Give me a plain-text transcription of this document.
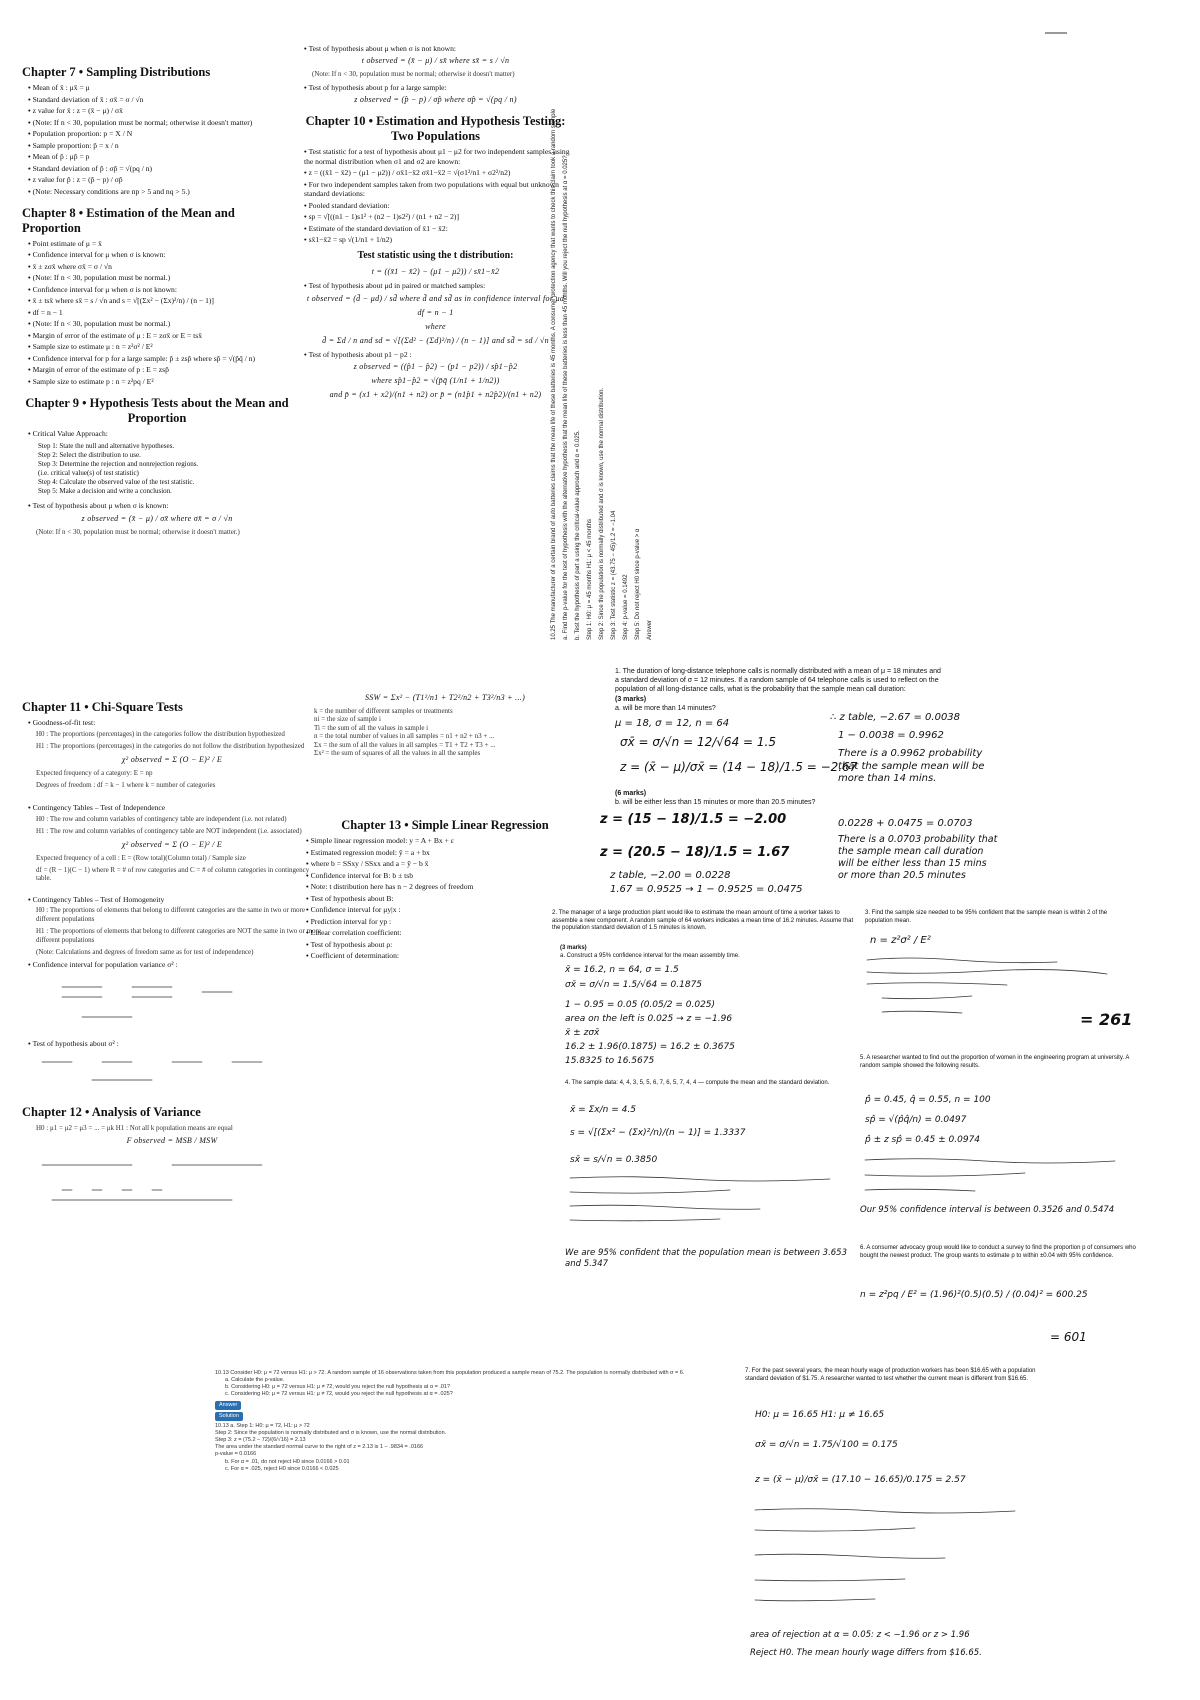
Chapter 7 • Sampling Distributions
• Mean of x̄ : μx̄ = μ
• Standard deviation of x̄ : σx̄ = σ / √n
• z value for x̄ : z = (x̄ − μ) / σx̄
• (Note: If n < 30, population must be normal; otherwise it doesn't matter)
• Population proportion: p = X / N
• Sample proportion: p̂ = x / n
• Mean of p̂ : μp̂ = p
• Standard deviation of p̂ : σp̂ = √(pq / n)
• z value for p̂ : z = (p̂ − p) / σp̂
• (Note: Necessary conditions are np > 5 and nq > 5.)
Chapter 8 • Estimation of the Mean and Proportion
• Point estimate of μ = x̄
• Confidence interval for μ when σ is known:
• x̄ ± zσx̄ where σx̄ = σ / √n
• (Note: If n < 30, population must be normal.)
• Confidence interval for μ when σ is not known:
• x̄ ± tsx̄ where sx̄ = s / √n and s = √[(Σx² − (Σx)²/n) / (n − 1)]
• df = n − 1
• (Note: If n < 30, population must be normal.)
• Margin of error of the estimate of μ : E = zσx̄ or E = tsx̄
• Sample size to estimate μ : n = z²σ² / E²
• Confidence interval for p for a large sample: p̂ ± zsp̂ where sp̂ = √(p̂q̂ / n)
• Margin of error of the estimate of p : E = zsp̂
• Sample size to estimate p : n = z²pq / E²
Chapter 9 • Hypothesis Tests about the Mean and Proportion
• Critical Value Approach:
Step 1: State the null and alternative hypotheses.
Step 2: Select the distribution to use.
Step 3: Determine the rejection and nonrejection regions.
(i.e. critical value(s) of test statistic)
Step 4: Calculate the observed value of the test statistic.
Step 5: Make a decision and write a conclusion.
• Test of hypothesis about μ when σ is known:
z observed = (x̄ − μ) / σx̄ where σx̄ = σ / √n
(Note: If n < 30, population must be normal; otherwise it doesn't matter.)
• Test of hypothesis about μ when σ is not known:
t observed = (x̄ − μ) / sx̄ where sx̄ = s / √n
(Note: If n < 30, population must be normal; otherwise it doesn't matter)
• Test of hypothesis about p for a large sample:
z observed = (p̂ − p) / σp̂ where σp̂ = √(pq / n)
Chapter 10 • Estimation and Hypothesis Testing: Two Populations
• Test statistic for a test of hypothesis about μ1 − μ2 for two independent samples using the normal distribution when σ1 and σ2 are known:
• z = ((x̄1 − x̄2) − (μ1 − μ2)) / σx̄1−x̄2 σx̄1−x̄2 = √(σ1²/n1 + σ2²/n2)
• For two independent samples taken from two populations with equal but unknown standard deviations:
• Pooled standard deviation:
• sp = √[((n1 − 1)s1² + (n2 − 1)s2²) / (n1 + n2 − 2)]
• Estimate of the standard deviation of x̄1 − x̄2:
• sx̄1−x̄2 = sp √(1/n1 + 1/n2)
Test statistic using the t distribution:
t = ((x̄1 − x̄2) − (μ1 − μ2)) / sx̄1−x̄2
• Test of hypothesis about μd in paired or matched samples:
t observed = (d̄ − μd) / sd̄ where d̄ and sd̄ as in confidence interval for μd
df = n − 1
where
d̄ = Σd / n and sd = √[(Σd² − (Σd)²/n) / (n − 1)] and sd̄ = sd / √n
• Test of hypothesis about p1 − p2 :
z observed = ((p̂1 − p̂2) − (p1 − p2)) / sp̂1−p̂2
where sp̂1−p̂2 = √(p̄q̄ (1/n1 + 1/n2))
and p̄ = (x1 + x2)/(n1 + n2) or p̄ = (n1p̂1 + n2p̂2)/(n1 + n2)	10.25 The manufacturer of a certain brand of auto batteries claims that the mean life of these batteries is 45 months. A consumer protection agency that wants to check this claim took a random sample	a. Find the p-value for the test of hypothesis with the alternative hypothesis that the mean life of these batteries is less than 45 months. Will you reject the null hypothesis at α = 0.025?	b. Test the hypothesis of part a using the critical-value approach and α = 0.025.	Step 1: H0: μ = 45 months H1: μ < 45 months	Step 2: Since the population is normally distributed and σ is known, use the normal distribution.	Step 3: Test statistic z = (43.75 − 45)/1.2 = −1.04	Step 4: p-value = 0.1492	Step 5: Do not reject H0 since p-value > α	Answer

Chapter 11 • Chi-Square Tests
• Goodness-of-fit test:
H0 : The proportions (percentages) in the categories follow the distribution hypothesized
H1 : The proportions (percentages) in the categories do not follow the distribution hypothesized
χ² observed = Σ (O − E)² / E
Expected frequency of a category: E = np
Degrees of freedom : df = k − 1 where k = number of categories
• Contingency Tables – Test of Independence
H0 : The row and column variables of contingency table are independent (i.e. not related)
H1 : The row and column variables of contingency table are NOT independent (i.e. associated)
χ² observed = Σ (O − E)² / E
Expected frequency of a cell : E = (Row total)(Column total) / Sample size
df = (R − 1)(C − 1) where R = # of row categories and C = # of column categories in contingency table.
• Contingency Tables – Test of Homogeneity
H0 : The proportions of elements that belong to different categories are the same in two or more different populations
H1 : The proportions of elements that belong to different categories are NOT the same in two or more different populations
(Note: Calculations and degrees of freedom same as for test of independence)
• Confidence interval for population variance σ² :
• Test of hypothesis about σ² :
Chapter 12 • Analysis of Variance
H0 : μ1 = μ2 = μ3 = ... = μk H1 : Not all k population means are equal
F observed = MSB / MSW
SSW = Σx² − (T1²/n1 + T2²/n2 + T3²/n3 + ...)
k = the number of different samples or treatments
ni = the size of sample i
Ti = the sum of all the values in sample i
n = the total number of values in all samples = n1 + n2 + n3 + ...
Σx = the sum of all the values in all samples = T1 + T2 + T3 + ...
Σx² = the sum of squares of all the values in all the samples
Chapter 13 • Simple Linear Regression
• Simple linear regression model: y = A + Bx + ε
• Estimated regression model: ŷ = a + bx
• where b = SSxy / SSxx and a = ȳ − b x̄
• Confidence interval for B: b ± tsb
• Note: t distribution here has n − 2 degrees of freedom
• Test of hypothesis about B:
• Confidence interval for μy|x :
• Prediction interval for yp :
• Linear correlation coefficient:
• Test of hypothesis about ρ:
• Coefficient of determination:
1. The duration of long-distance telephone calls is normally distributed with a mean of μ = 18 minutes and a standard deviation of σ = 12 minutes. If a random sample of 64 telephone calls is used to reflect on the population of all long-distance calls, what is the probability that the sample mean call duration:
(3 marks)
a. will be more than 14 minutes?
μ = 18, σ = 12, n = 64
σx̄ = σ/√n = 12/√64 = 1.5
z = (x̄ − μ)/σx̄ = (14 − 18)/1.5 = −2.67
∴ z table, −2.67 = 0.0038
1 − 0.0038 = 0.9962
There is a 0.9962 probability that the sample mean will be more than 14 mins.
(6 marks)
b. will be either less than 15 minutes or more than 20.5 minutes?
z = (15 − 18)/1.5 = −2.00
z = (20.5 − 18)/1.5 = 1.67
z table, −2.00 = 0.0228
1.67 = 0.9525 → 1 − 0.9525 = 0.0475
0.0228 + 0.0475 = 0.0703
There is a 0.0703 probability that the sample mean call duration will be either less than 15 mins or more than 20.5 minutes
2. The manager of a large production plant would like to estimate the mean amount of time a worker takes to assemble a new component. A random sample of 64 workers indicates a mean time of 16.2 minutes. Assume that the population standard deviation of 1.5 minutes is known.
(3 marks)
a. Construct a 95% confidence interval for the mean assembly time.
x̄ = 16.2, n = 64, σ = 1.5
σx̄ = σ/√n = 1.5/√64 = 0.1875
1 − 0.95 = 0.05 (0.05/2 = 0.025)
area on the left is 0.025 → z = −1.96
x̄ ± zσx̄
16.2 ± 1.96(0.1875) = 16.2 ± 0.3675
15.8325 to 16.5675
3. Find the sample size needed to be 95% confident that the sample mean is within 2 of the population mean.
n = z²σ² / E²
= 261
4. The sample data: 4, 4, 3, 5, 5, 6, 7, 6, 5, 7, 4, 4 — compute the mean and the standard deviation.
x̄ = Σx/n = 4.5
s = √[(Σx² − (Σx)²/n)/(n − 1)] = 1.3337
sx̄ = s/√n = 0.3850
We are 95% confident that the population mean is between 3.653 and 5.347
5. A researcher wanted to find out the proportion of women in the engineering program at university. A random sample showed the following results.
p̂ = 0.45, q̂ = 0.55, n = 100
sp̂ = √(p̂q̂/n) = 0.0497
p̂ ± z sp̂ = 0.45 ± 0.0974
Our 95% confidence interval is between 0.3526 and 0.5474
6. A consumer advocacy group would like to conduct a survey to find the proportion p of consumers who bought the newest product. The group wants to estimate p to within ±0.04 with 95% confidence.
n = z²pq / E² = (1.96)²(0.5)(0.5) / (0.04)² = 600.25
= 601
7. For the past several years, the mean hourly wage of production workers has been $16.65 with a population standard deviation of $1.75. A researcher wanted to test whether the current mean is different from $16.65.
H0: μ = 16.65 H1: μ ≠ 16.65
σx̄ = σ/√n = 1.75/√100 = 0.175
z = (x̄ − μ)/σx̄ = (17.10 − 16.65)/0.175 = 2.57
area of rejection at α = 0.05: z < −1.96 or z > 1.96
Reject H0. The mean hourly wage differs from $16.65.
10.13 Consider H0: μ = 72 versus H1: μ > 72. A random sample of 16 observations taken from this population produced a sample mean of 75.2. The population is normally distributed with σ = 6.
a. Calculate the p-value.
b. Considering H0: μ = 72 versus H1: μ ≠ 72, would you reject the null hypothesis at α = .01?
c. Considering H0: μ = 72 versus H1: μ ≠ 72, would you reject the null hypothesis at α = .025?
Answer
Solution
10.13 a. Step 1: H0: μ = 72, H1: μ > 72
Step 2: Since the population is normally distributed and σ is known, use the normal distribution.
Step 3: z = (75.2 − 72)/(6/√16) = 2.13
The area under the standard normal curve to the right of z = 2.13 is 1 − .9834 = .0166
p-value = 0.0166
b. For α = .01, do not reject H0 since 0.0166 > 0.01
c. For α = .025, reject H0 since 0.0166 < 0.025
